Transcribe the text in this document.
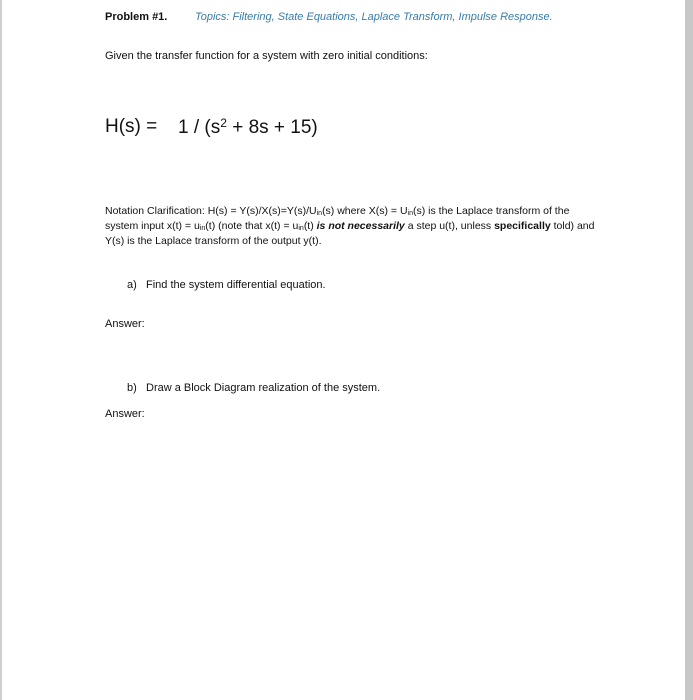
Problem #1.	Topics: Filtering, State Equations, Laplace Transform, Impulse Response.
Given the transfer function for a system with zero initial conditions:
$H(s) = 1 / (s^2 + 8s + 15)$
Notation Clarification: $H(s) = Y(s)/X(s)=Y(s)/U_{in}(s)$ where $X(s) = U_{in}(s)$ is the Laplace transform of the system input $x(t) = u_{in}(t)$ (note that $x(t) = u_{in}(t)$ is not necessarily a step u(t), unless specifically told) and Y(s) is the Laplace transform of the output y(t).
a) Find the system differential equation.
Answer:
b) Draw a Block Diagram realization of the system.
Answer:
